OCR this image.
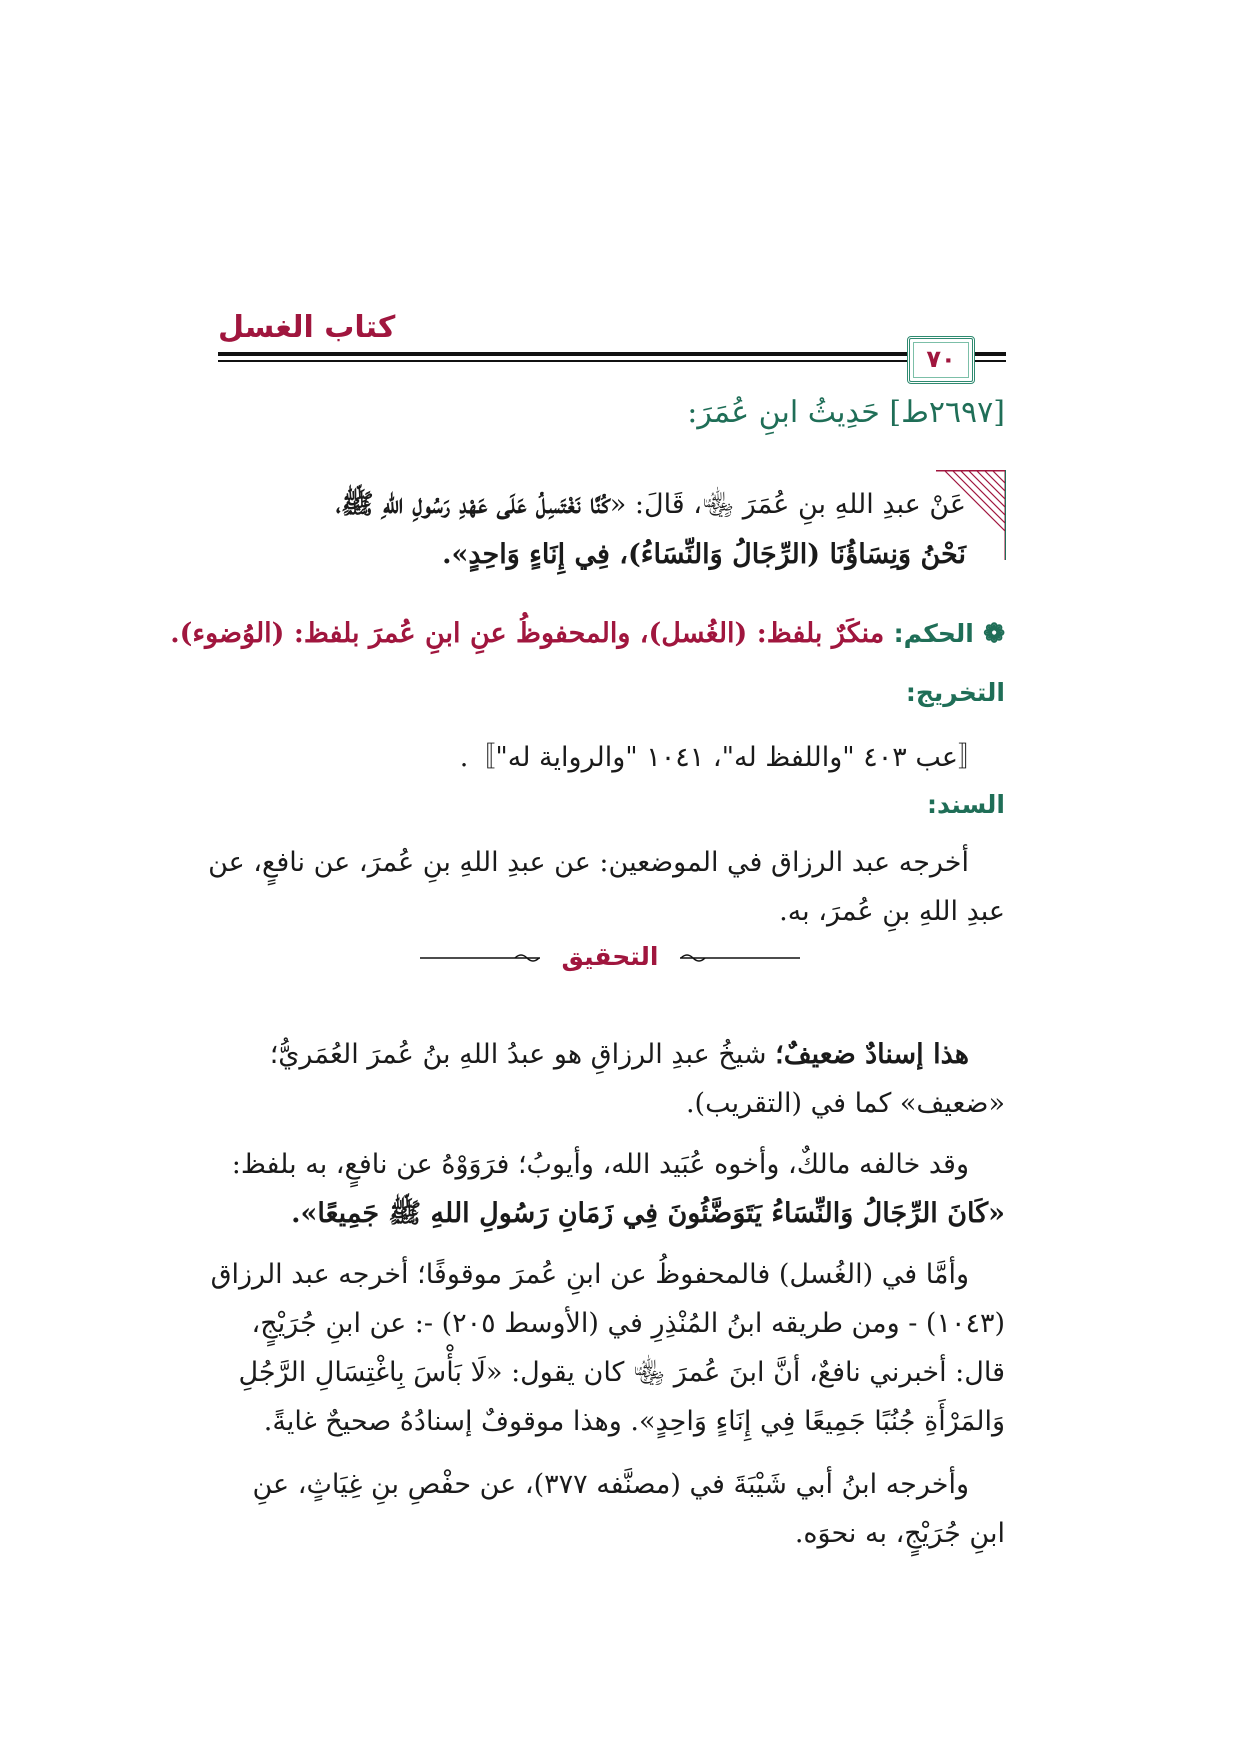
كتاب الغسل
٧٠
[٢٦٩٧ط] حَدِيثُ ابنِ عُمَرَ:
عَنْ عبدِ اللهِ بنِ عُمَرَ ﵄، قَالَ: «كُنَّا نَغْتَسِلُ عَلَى عَهْدِ رَسُولِ اللهِ ﷺ،
نَحْنُ وَنِسَاؤُنَا (الرِّجَالُ وَالنِّسَاءُ)، فِي إِنَاءٍ وَاحِدٍ».
❁ الحكم: منكَرٌ بلفظ: (الغُسل)، والمحفوظُ عنِ ابنِ عُمرَ بلفظ: (الوُضوء).
التخريج:
〚عب ٤٠٣ "واللفظ له"، ١٠٤١ "والرواية له"〛.
السند:
أخرجه عبد الرزاق في الموضعين: عن عبدِ اللهِ بنِ عُمرَ، عن نافعٍ، عن
عبدِ اللهِ بنِ عُمرَ، به.
التحقيق
هذا إسنادٌ ضعيفٌ؛ شيخُ عبدِ الرزاقِ هو عبدُ اللهِ بنُ عُمرَ العُمَريُّ؛
«ضعيف» كما في (التقريب).
وقد خالفه مالكٌ، وأخوه عُبَيد الله، وأيوبُ؛ فرَوَوْهُ عن نافعٍ، به بلفظ:
«كَانَ الرِّجَالُ وَالنِّسَاءُ يَتَوَضَّئُونَ فِي زَمَانِ رَسُولِ اللهِ ﷺ جَمِيعًا».
وأمَّا في (الغُسل) فالمحفوظُ عن ابنِ عُمرَ موقوفًا؛ أخرجه عبد الرزاق
(١٠٤٣) - ومن طريقه ابنُ المُنْذِرِ في (الأوسط ٢٠٥) -: عن ابنِ جُرَيْجٍ،
قال: أخبرني نافعٌ، أنَّ ابنَ عُمرَ ﵄ كان يقول: «لَا بَأْسَ بِاغْتِسَالِ الرَّجُلِ
وَالمَرْأَةِ جُنُبًا جَمِيعًا فِي إِنَاءٍ وَاحِدٍ». وهذا موقوفٌ إسنادُهُ صحيحٌ غايةً.
وأخرجه ابنُ أبي شَيْبَةَ في (مصنَّفه ٣٧٧)، عن حفْصِ بنِ غِيَاثٍ، عنِ
ابنِ جُرَيْجٍ، به نحوَه.
